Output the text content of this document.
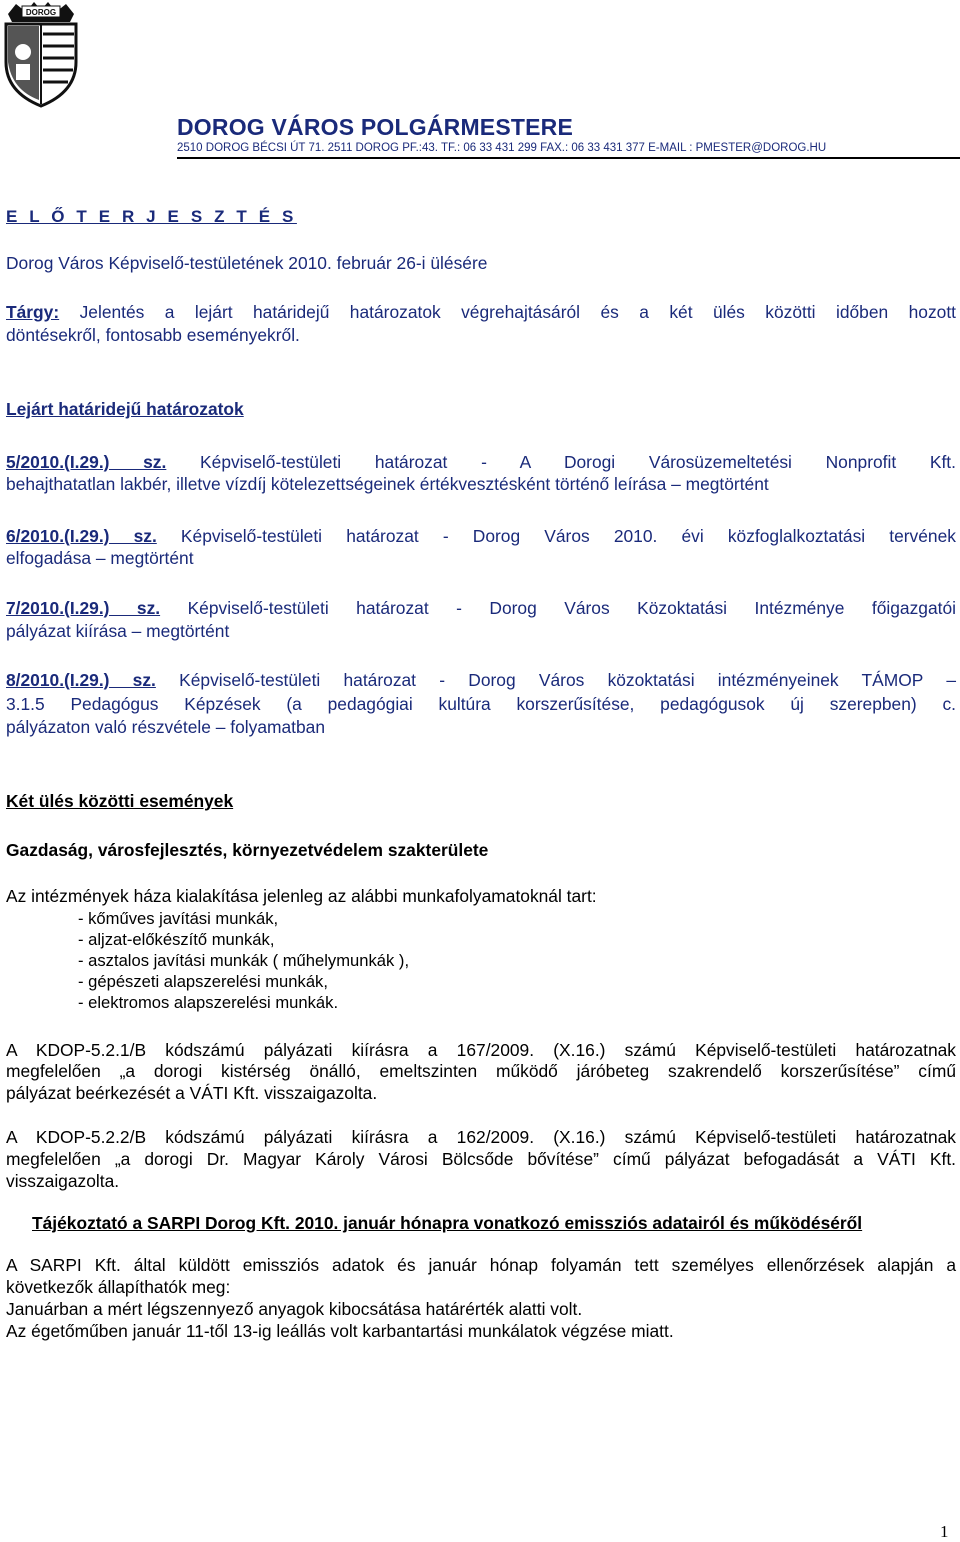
DOROG
DOROG VÁROS POLGÁRMESTERE
2510 DOROG BÉCSI ÚT 71. 2511 DOROG PF.:43. TF.: 06 33 431 299 FAX.: 06 33 431 377 E-MAIL : PMESTER@DOROG.HU
E L Ő T E R J E S Z T É S
Dorog Város Képviselő-testületének 2010. február 26-i ülésére
Tárgy: Jelentés a lejárt határidejű határozatok végrehajtásáról és a két ülés közötti időben hozott
döntésekről, fontosabb eseményekről.
Lejárt határidejű határozatok
5/2010.(I.29.) sz. Képviselő-testületi határozat - A Dorogi Városüzemeltetési Nonprofit Kft.
behajthatatlan lakbér, illetve vízdíj kötelezettségeinek értékvesztésként történő leírása – megtörtént
6/2010.(I.29.) sz. Képviselő-testületi határozat - Dorog Város 2010. évi közfoglalkoztatási tervének
elfogadása – megtörtént
7/2010.(I.29.) sz. Képviselő-testületi határozat - Dorog Város Közoktatási Intézménye főigazgatói
pályázat kiírása – megtörtént
8/2010.(I.29.) sz. Képviselő-testületi határozat - Dorog Város közoktatási intézményeinek TÁMOP –
3.1.5 Pedagógus Képzések (a pedagógiai kultúra korszerűsítése, pedagógusok új szerepben) c.
pályázaton való részvétele – folyamatban
Két ülés közötti események
Gazdaság, városfejlesztés, környezetvédelem szakterülete
Az intézmények háza kialakítása jelenleg az alábbi munkafolyamatoknál tart:
- kőműves javítási munkák,
- aljzat-előkészítő munkák,
- asztalos javítási munkák ( műhelymunkák ),
- gépészeti alapszerelési munkák,
- elektromos alapszerelési munkák.
A KDOP-5.2.1/B kódszámú pályázati kiírásra a 167/2009. (X.16.) számú Képviselő-testületi határozatnak
megfelelően „a dorogi kistérség önálló, emeltszinten működő járóbeteg szakrendelő korszerűsítése” című
pályázat beérkezését a VÁTI Kft. visszaigazolta.
A KDOP-5.2.2/B kódszámú pályázati kiírásra a 162/2009. (X.16.) számú Képviselő-testületi határozatnak
megfelelően „a dorogi Dr. Magyar Károly Városi Bölcsőde bővítése” című pályázat befogadását a VÁTI Kft.
visszaigazolta.
Tájékoztató a SARPI Dorog Kft. 2010. január hónapra vonatkozó emissziós adatairól és működéséről
A SARPI Kft. által küldött emissziós adatok és január hónap folyamán tett személyes ellenőrzések alapján a
következők állapíthatók meg:
Januárban a mért légszennyező anyagok kibocsátása határérték alatti volt.
Az égetőműben január 11-től 13-ig leállás volt karbantartási munkálatok végzése miatt.
1
